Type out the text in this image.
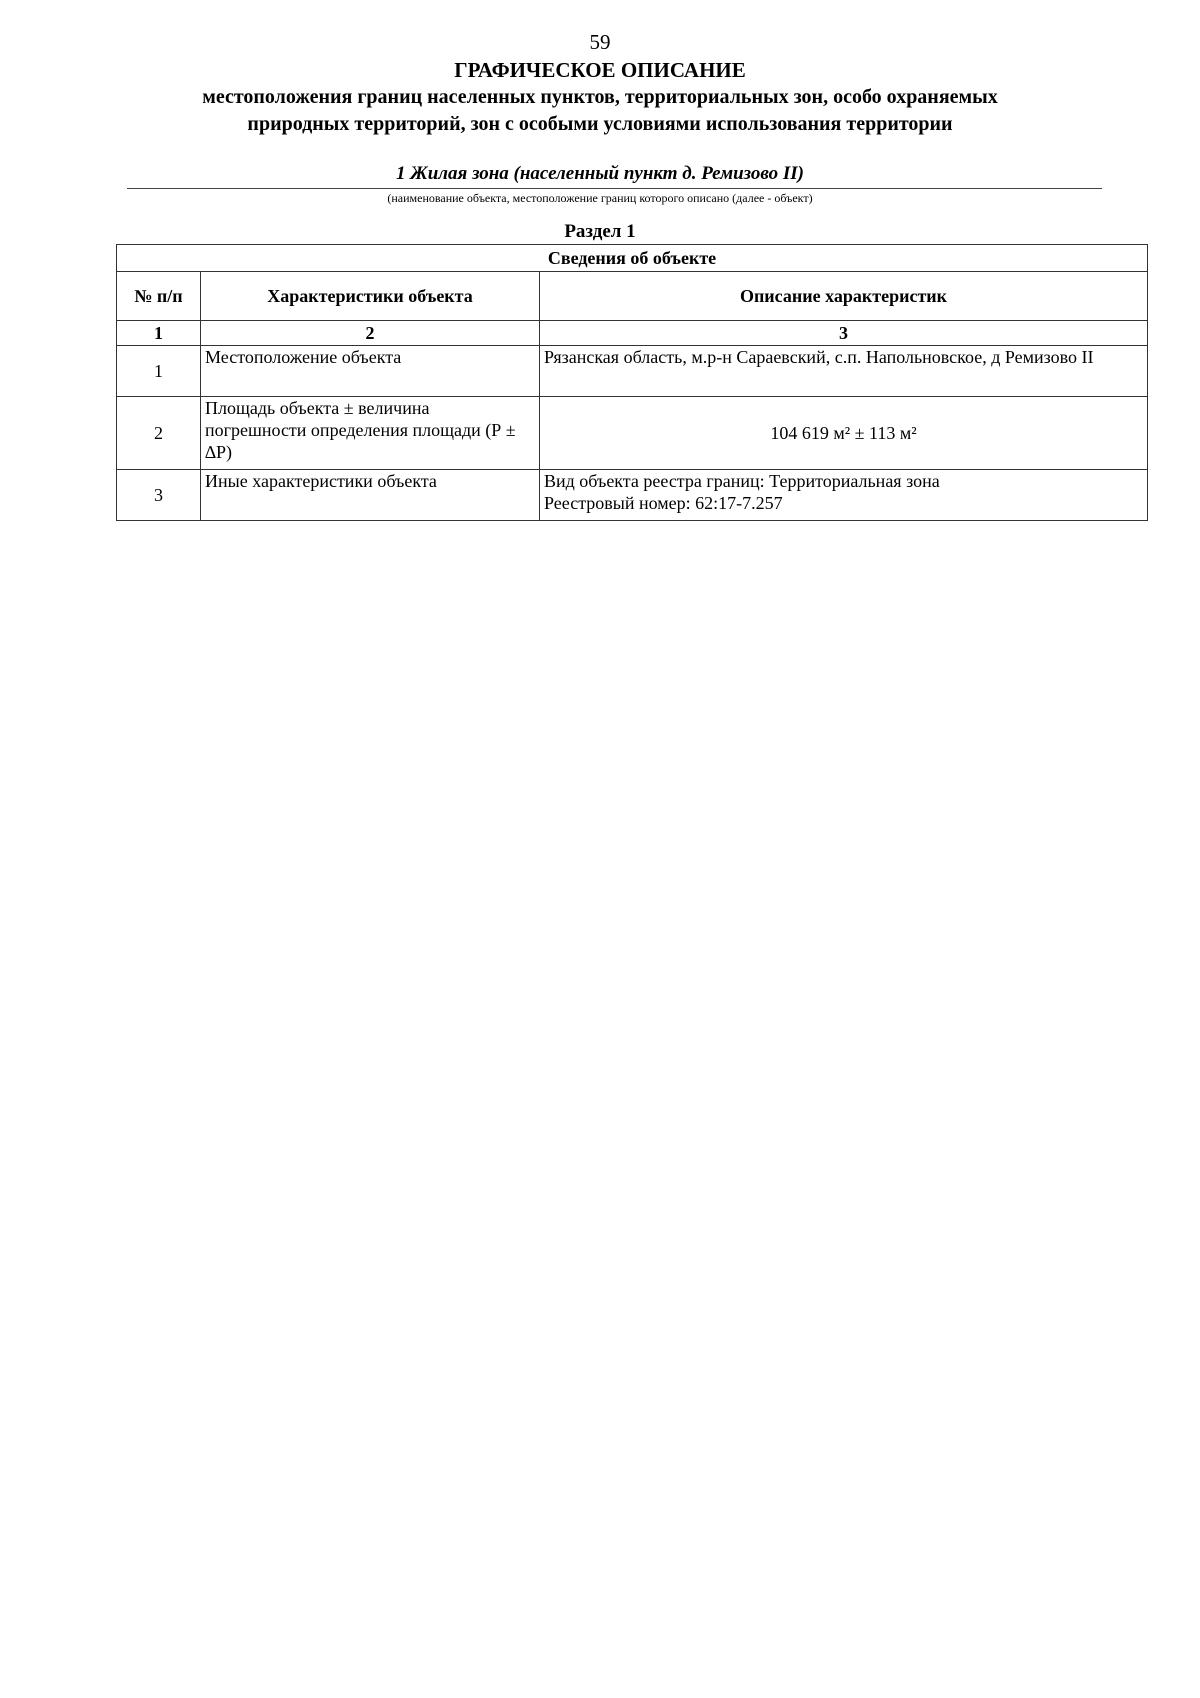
59
ГРАФИЧЕСКОЕ ОПИСАНИЕ
местоположения границ населенных пунктов, территориальных зон, особо охраняемых природных территорий, зон с особыми условиями использования территории
1 Жилая зона (населенный пункт д. Ремизово II)
(наименование объекта, местоположение границ которого описано (далее - объект)
Раздел 1
Сведения об объекте		
№ п/п	Характеристики объекта	Описание характеристик
1	2	3
1	Местоположение объекта	Рязанская область, м.р-н Сараевский, с.п. Напольновское, д Ремизово II

2	Площадь объекта ± величина погрешности определения площади (Р ± ∆Р)	104 619 м² ± 113 м²

3	Иные характеристики объекта	Вид объекта реестра границ: Территориальная зона
Реестровый номер: 62:17-7.257
